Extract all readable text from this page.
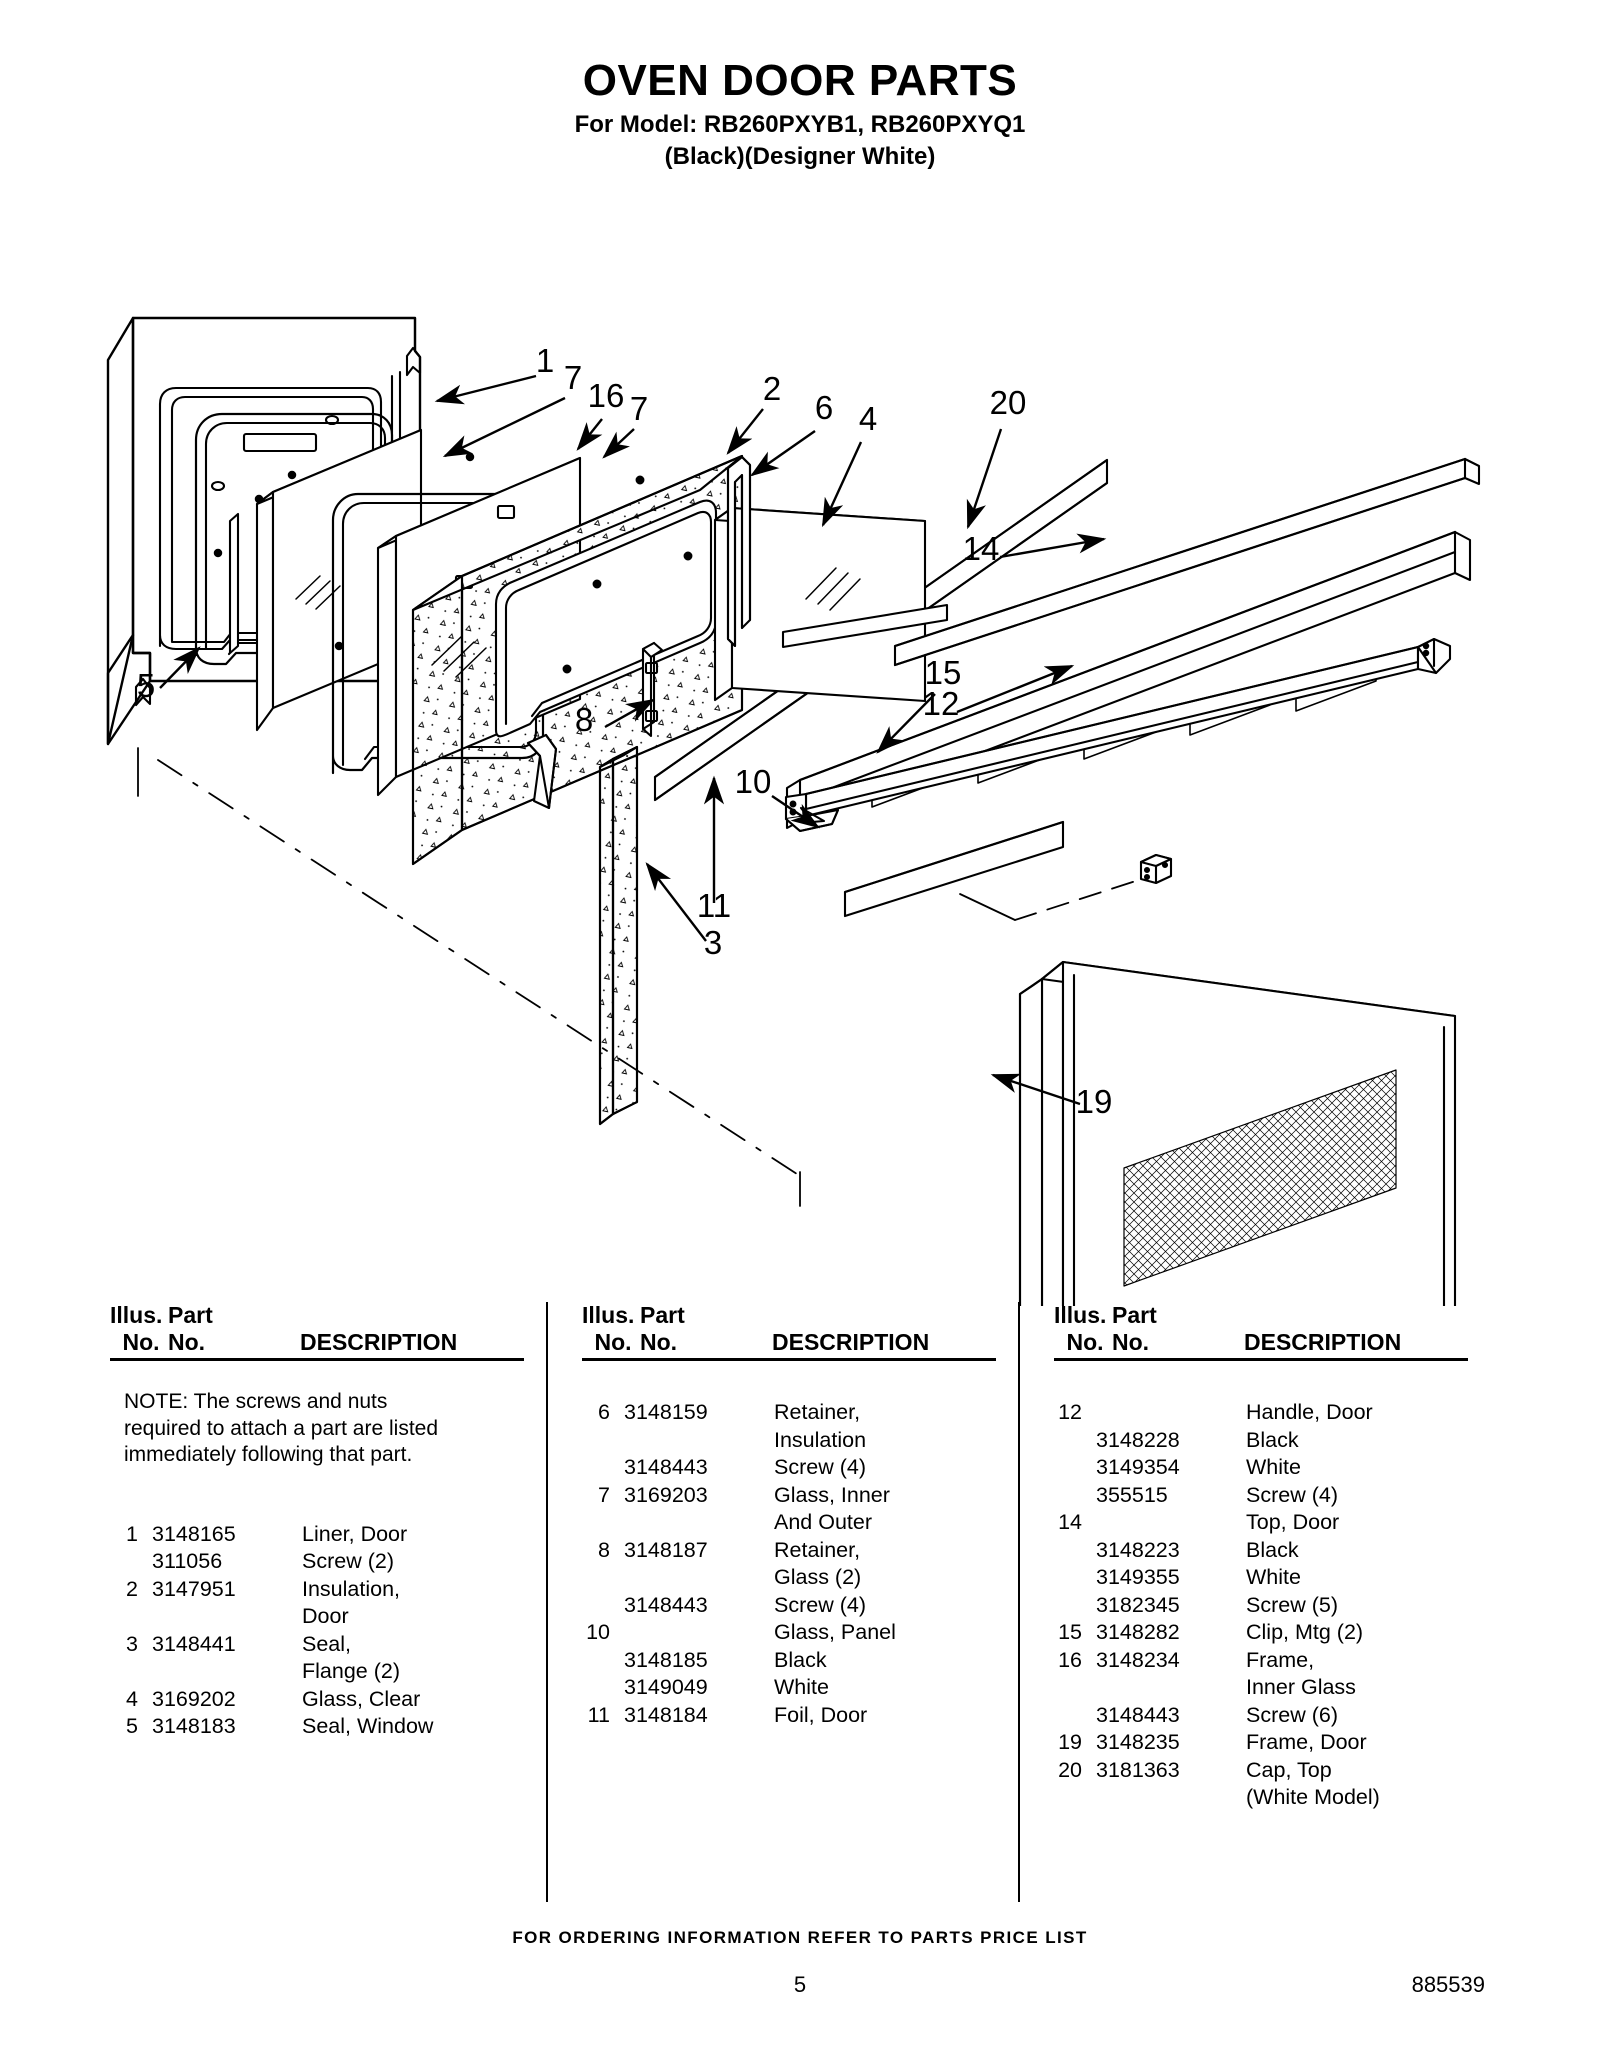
OVEN DOOR PARTS

For Model: RB260PXYB1, RB260PXYQ1

(Black)(Designer White)

1 7 16 7
2
6 4	20
14
5	15
12
8
10
11
3
19
Illus. Part
No. No.	DESCRIPTION
NOTE: The screws and nuts required to attach a part are listed immediately following that part.
1 3148165	Liner, Door
311056	Screw (2)
2 3147951	Insulation,
Door
3 3148441	Seal,
Flange (2)
4 3169202	Glass, Clear
5 3148183	Seal, Window
Illus. Part
No. No.	DESCRIPTION
6 3148159	Retainer,
Insulation
3148443	Screw (4)
7 3169203	Glass, Inner
And Outer
8 3148187	Retainer,
Glass (2)
3148443	Screw (4)
10	Glass, Panel
3148185	Black
3149049	White
11 3148184	Foil, Door
Illus. Part
No. No.	DESCRIPTION
12	Handle, Door
3148228	Black
3149354	White
355515	Screw (4)
14	Top, Door
3148223	Black
3149355	White
3182345	Screw (5)
15 3148282	Clip, Mtg (2)
16 3148234	Frame,
Inner Glass
3148443	Screw (6)
19 3148235	Frame, Door
20 3181363	Cap, Top
(White Model)
FOR ORDERING INFORMATION REFER TO PARTS PRICE LIST
5	885539
